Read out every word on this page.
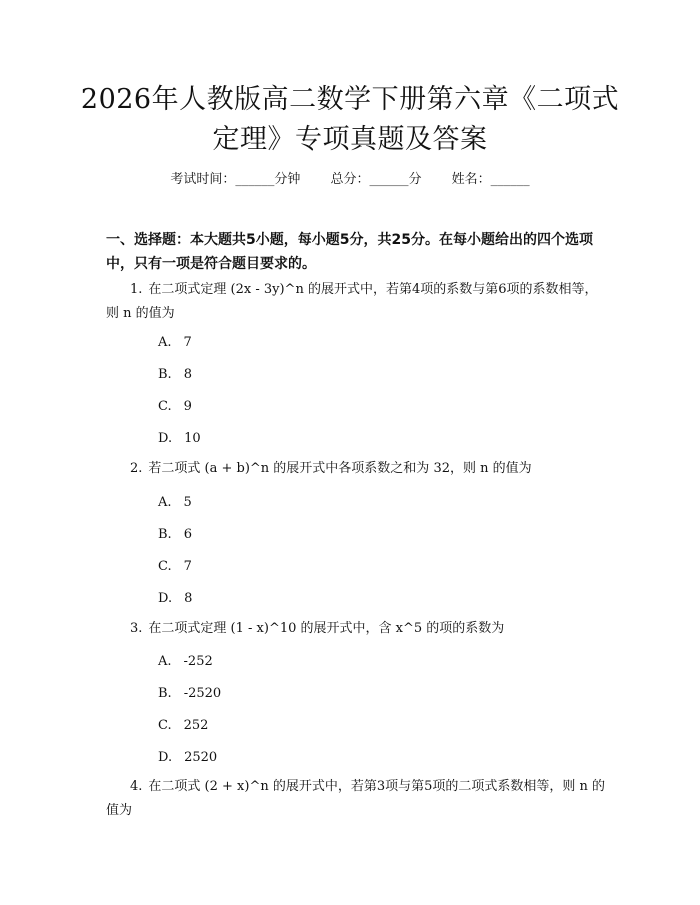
2026年人教版高二数学下册第六章《二项式
定理》专项真题及答案
考试时间：______分钟 总分：______分 姓名：______
一、选择题：本大题共5小题，每小题5分，共25分。在每小题给出的四个选项中，只有一项是符合题目要求的。
1. 在二项式定理 (2x - 3y)^n 的展开式中，若第4项的系数与第6项的系数相等，则 n 的值为
A. 7
B. 8
C. 9
D. 10
2. 若二项式 (a + b)^n 的展开式中各项系数之和为 32，则 n 的值为
A. 5
B. 6
C. 7
D. 8
3. 在二项式定理 (1 - x)^10 的展开式中，含 x^5 的项的系数为
A. -252
B. -2520
C. 252
D. 2520
4. 在二项式 (2 + x)^n 的展开式中，若第3项与第5项的二项式系数相等，则 n 的值为
